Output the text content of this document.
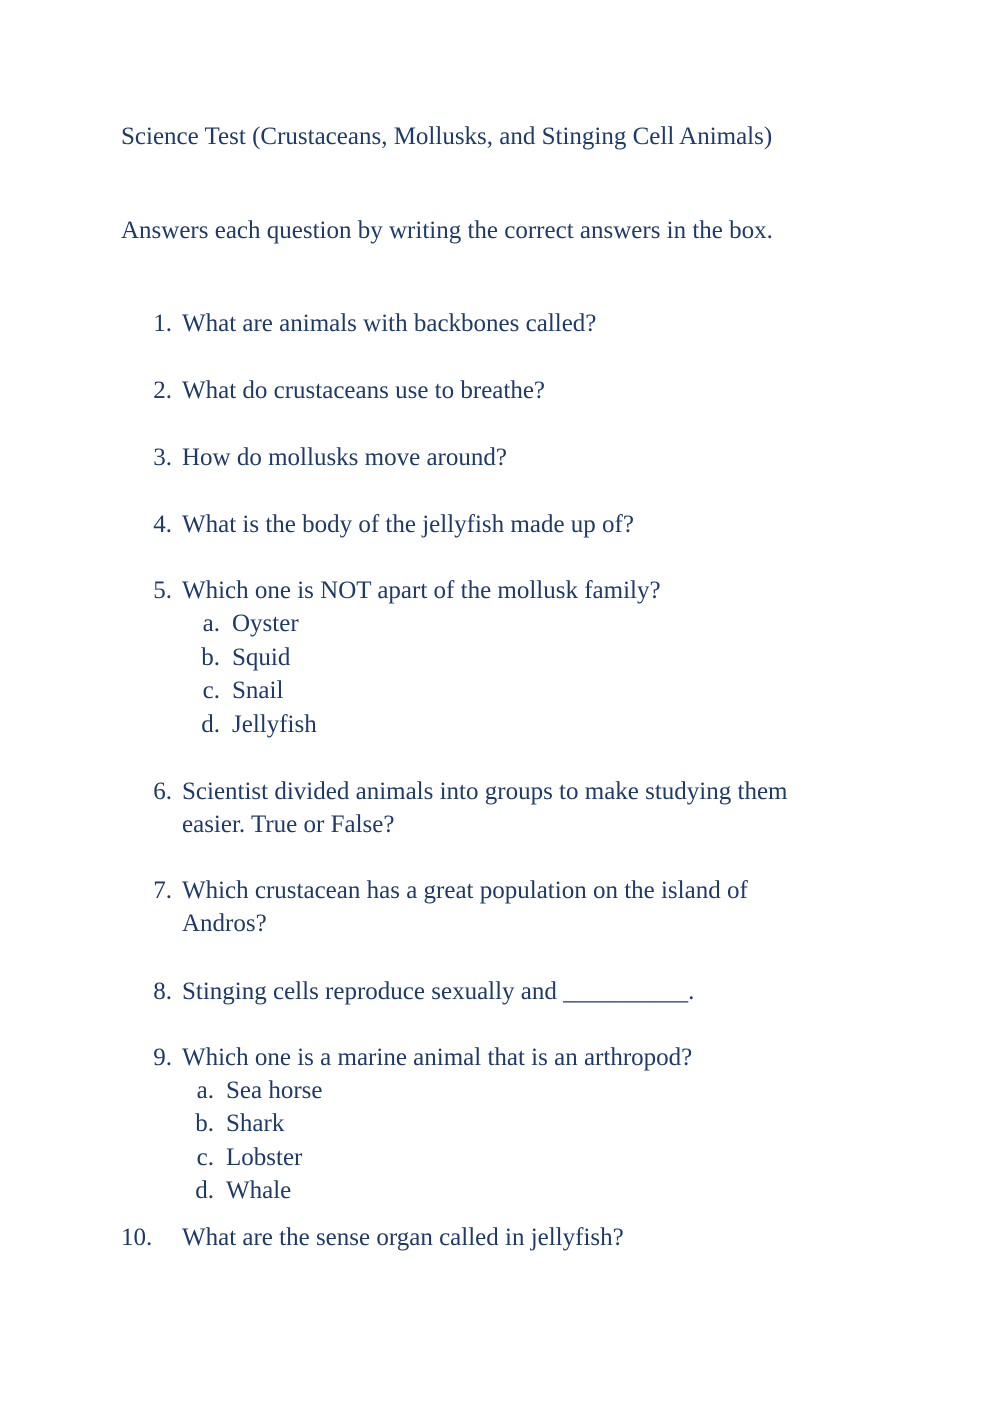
Science Test (Crustaceans, Mollusks, and Stinging Cell Animals)
Answers each question by writing the correct answers in the box.
1. What are animals with backbones called?
2. What do crustaceans use to breathe?
3. How do mollusks move around?
4. What is the body of the jellyfish made up of?
5. Which one is NOT apart of the mollusk family?
a. Oyster
b. Squid
c. Snail
d. Jellyfish
6. Scientist divided animals into groups to make studying them
easier. True or False?
7. Which crustacean has a great population on the island of
Andros?
8. Stinging cells reproduce sexually and __________.
9. Which one is a marine animal that is an arthropod?
a. Sea horse
b. Shark
c. Lobster
d. Whale
10. What are the sense organ called in jellyfish?
